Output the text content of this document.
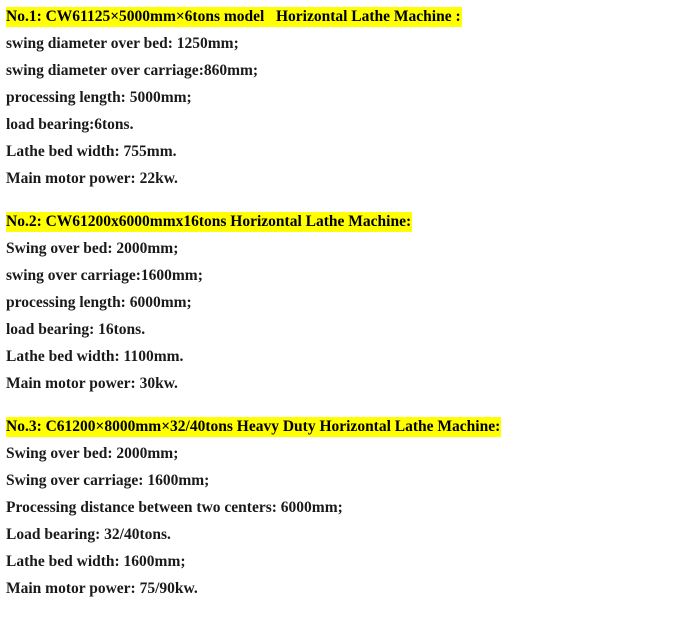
No.1: CW61125×5000mm×6tons model   Horizontal Lathe Machine :
swing diameter over bed: 1250mm;
swing diameter over carriage:860mm;
processing length: 5000mm;
load bearing:6tons.
Lathe bed width: 755mm.
Main motor power: 22kw.
No.2: CW61200x6000mmx16tons Horizontal Lathe Machine:
Swing over bed: 2000mm;
swing over carriage:1600mm;
processing length: 6000mm;
load bearing: 16tons.
Lathe bed width: 1100mm.
Main motor power: 30kw.
No.3: C61200×8000mm×32/40tons Heavy Duty Horizontal Lathe Machine:
Swing over bed: 2000mm;
Swing over carriage: 1600mm;
Processing distance between two centers: 6000mm;
Load bearing: 32/40tons.
Lathe bed width: 1600mm;
Main motor power: 75/90kw.
